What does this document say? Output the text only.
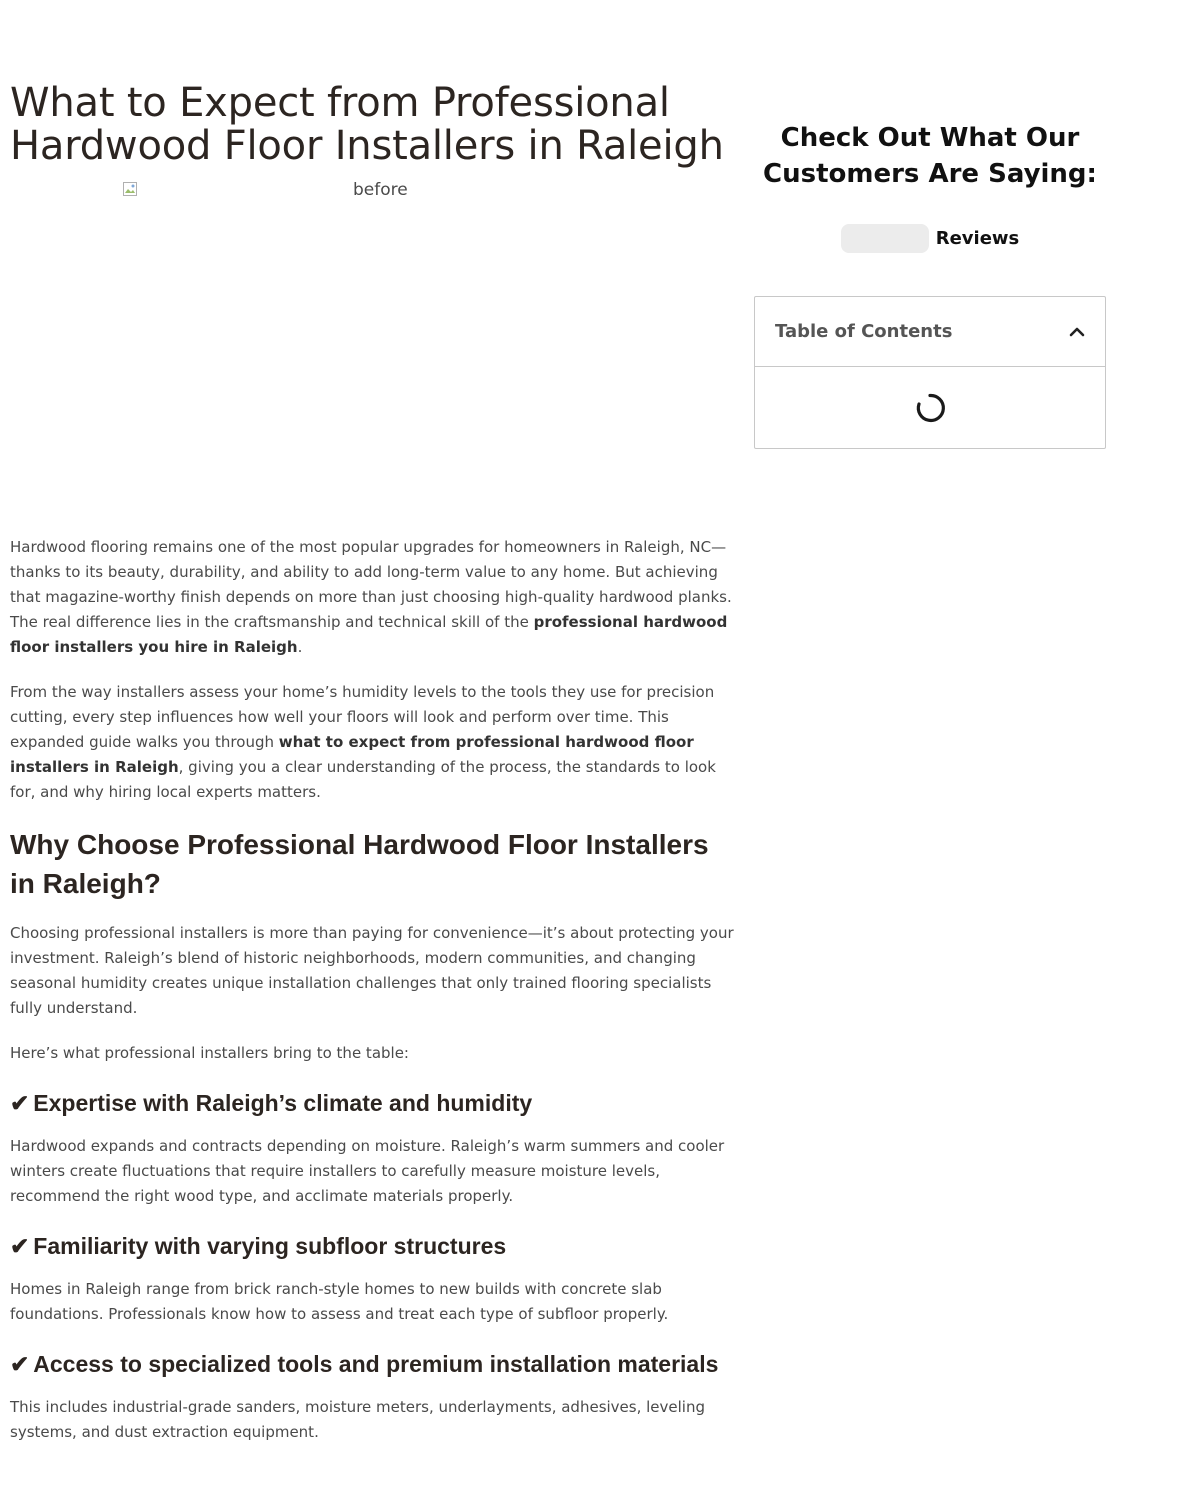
What to Expect from Professional Hardwood Floor Installers in Raleigh
before

Hardwood flooring remains one of the most popular upgrades for homeowners in Raleigh, NC—thanks to its beauty, durability, and ability to add long-term value to any home. But achieving that magazine-worthy finish depends on more than just choosing high-quality hardwood planks. The real difference lies in the craftsmanship and technical skill of the professional hardwood floor installers you hire in Raleigh.

From the way installers assess your home’s humidity levels to the tools they use for precision cutting, every step influences how well your floors will look and perform over time. This expanded guide walks you through what to expect from professional hardwood floor installers in Raleigh, giving you a clear understanding of the process, the standards to look for, and why hiring local experts matters.

Why Choose Professional Hardwood Floor Installers in Raleigh?

Choosing professional installers is more than paying for convenience—it’s about protecting your investment. Raleigh’s blend of historic neighborhoods, modern communities, and changing seasonal humidity creates unique installation challenges that only trained flooring specialists fully understand.

Here’s what professional installers bring to the table:

✔ Expertise with Raleigh’s climate and humidity

Hardwood expands and contracts depending on moisture. Raleigh’s warm summers and cooler winters create fluctuations that require installers to carefully measure moisture levels, recommend the right wood type, and acclimate materials properly.

✔ Familiarity with varying subfloor structures

Homes in Raleigh range from brick ranch-style homes to new builds with concrete slab foundations. Professionals know how to assess and treat each type of subfloor properly.

✔ Access to specialized tools and premium installation materials

This includes industrial-grade sanders, moisture meters, underlayments, adhesives, leveling systems, and dust extraction equipment.

Check Out What Our Customers Are Saying:
Reviews
Table of Contents
